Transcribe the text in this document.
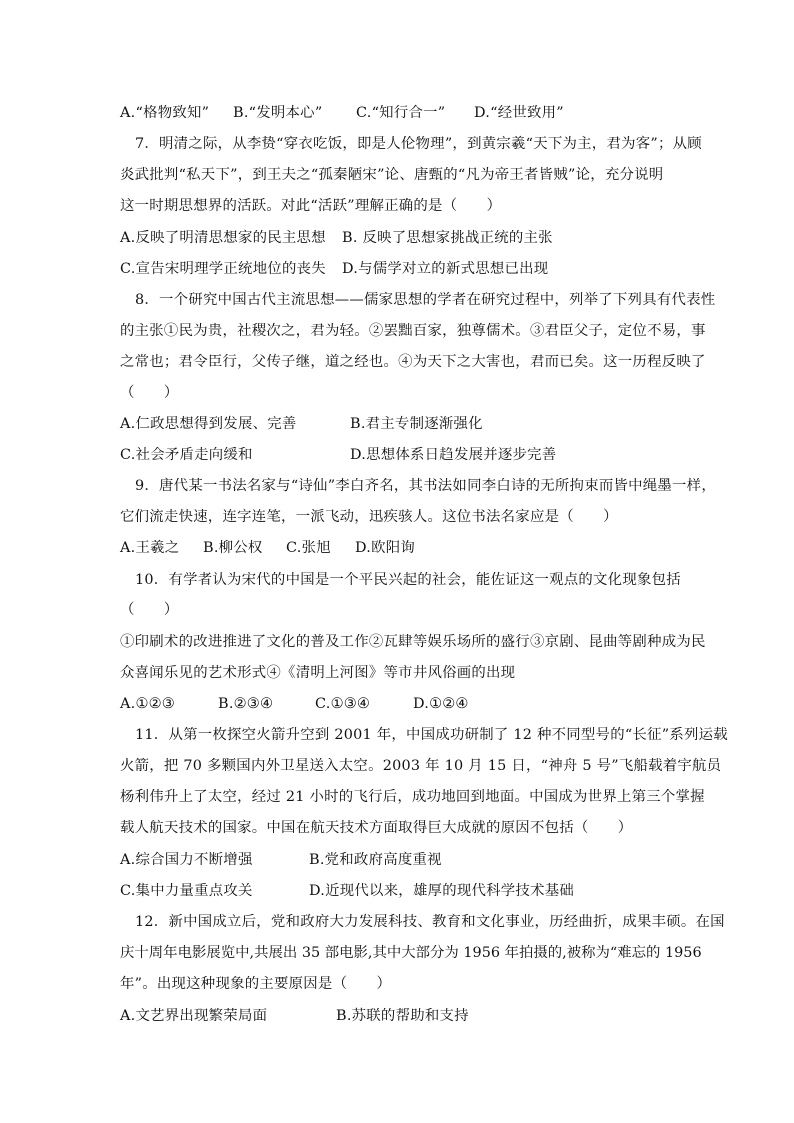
A.“格物致知” B.“发明本心” C.“知行合一” D.“经世致用”
7．明清之际，从李贽“穿衣吃饭，即是人伦物理”，到黄宗羲“天下为主，君为客”；从顾
炎武批判“私天下”，到王夫之“孤秦陋宋”论、唐甄的“凡为帝王者皆贼”论，充分说明
这一时期思想界的活跃。对此“活跃”理解正确的是（　　）
A.反映了明清思想家的民主思想 B. 反映了思想家挑战正统的主张
C.宣告宋明理学正统地位的丧失 D.与儒学对立的新式思想已出现
8．一个研究中国古代主流思想——儒家思想的学者在研究过程中，列举了下列具有代表性
的主张①民为贵，社稷次之，君为轻。②罢黜百家，独尊儒术。③君臣父子，定位不易，事
之常也；君令臣行，父传子继，道之经也。④为天下之大害也，君而已矣。这一历程反映了
（　　）
A.仁政思想得到发展、完善	B.君主专制逐渐强化
C.社会矛盾走向缓和	D.思想体系日趋发展并逐步完善
9．唐代某一书法名家与“诗仙”李白齐名，其书法如同李白诗的无所拘束而皆中绳墨一样，
它们流走快速，连字连笔，一派飞动，迅疾骇人。这位书法名家应是（　　）
A.王羲之 B.柳公权 C.张旭 D.欧阳询
10．有学者认为宋代的中国是一个平民兴起的社会，能佐证这一观点的文化现象包括
（　　）
①印刷术的改进推进了文化的普及工作②瓦肆等娱乐场所的盛行③京剧、昆曲等剧种成为民
众喜闻乐见的艺术形式④《清明上河图》等市井风俗画的出现
A.①②③	B.②③④	C.①③④	D.①②④
11．从第一枚探空火箭升空到 2001 年，中国成功研制了 12 种不同型号的“长征”系列运载
火箭，把 70 多颗国内外卫星送入太空。2003 年 10 月 15 日，“神舟 5 号”飞船载着宇航员
杨利伟升上了太空，经过 21 小时的飞行后，成功地回到地面。中国成为世界上第三个掌握
载人航天技术的国家。中国在航天技术方面取得巨大成就的原因不包括（　　）
A.综合国力不断增强	B.党和政府高度重视
C.集中力量重点攻关	D.近现代以来，雄厚的现代科学技术基础
12．新中国成立后，党和政府大力发展科技、教育和文化事业，历经曲折，成果丰硕。在国
庆十周年电影展览中,共展出 35 部电影,其中大部分为 1956 年拍摄的,被称为“难忘的 1956
年”。出现这种现象的主要原因是（　　）
A.文艺界出现繁荣局面	B.苏联的帮助和支持
